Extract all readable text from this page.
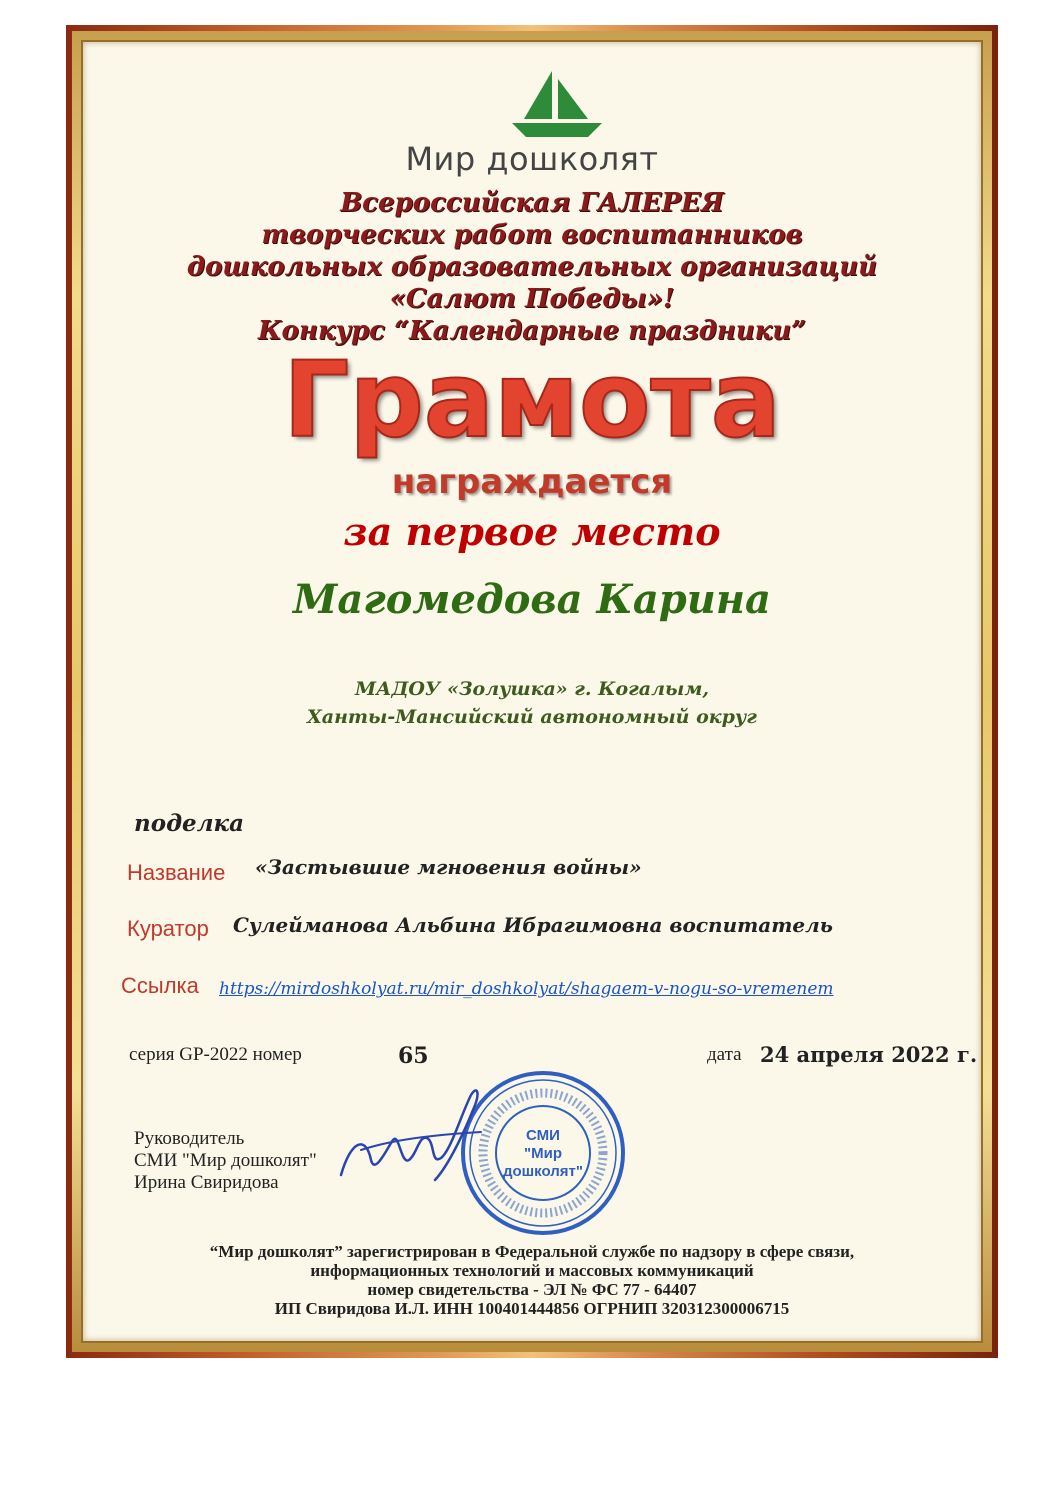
Мир дошколят
Всероссийская ГАЛЕРЕЯ
творческих работ воспитанников
дошкольных образовательных организаций
«Салют Победы»!
Конкурс “Календарные праздники”
Грамота
награждается
за первое место
Магомедова Карина
МАДОУ «Золушка» г. Когалым,
Ханты-Мансийский автономный округ
поделка
Название «Застывшие мгновения войны»
Куратор Сулейманова Альбина Ибрагимовна воспитатель
Ссылка https://mirdoshkolyat.ru/mir_doshkolyat/shagaem-v-nogu-so-vremenem
серия GP-2022 номер	65	дата 24 апреля 2022 г.
Руководитель
СМИ "Мир дошколят"
Ирина Свиридова
СМИ
"Мир
дошколят"
“Мир дошколят” зарегистрирован в Федеральной службе по надзору в сфере связи,
информационных технологий и массовых коммуникаций
номер свидетельства - ЭЛ № ФС 77 - 64407
ИП Свиридова И.Л. ИНН 100401444856 ОГРНИП 320312300006715
